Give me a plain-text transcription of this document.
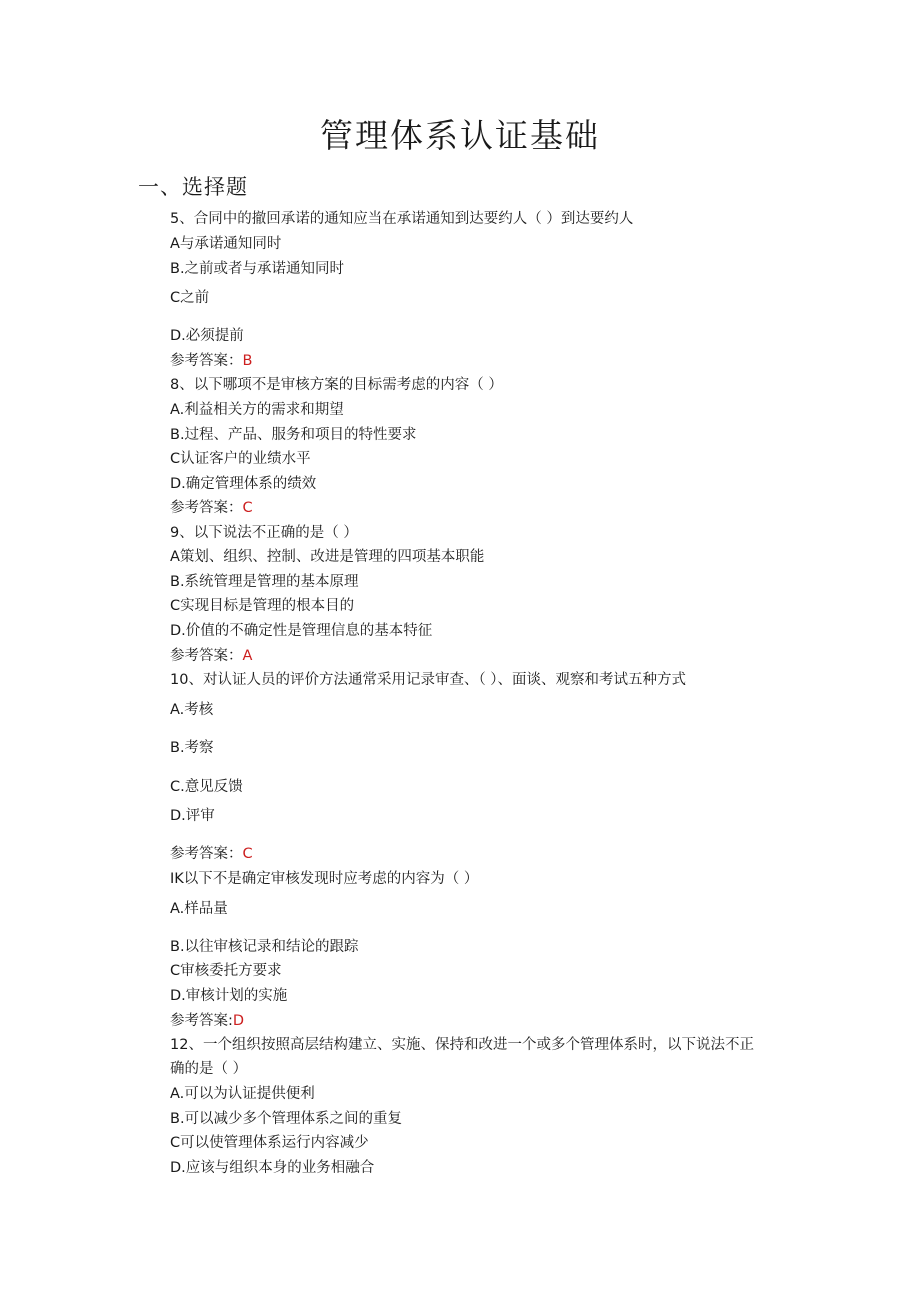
管理体系认证基础
一、选择题
5、合同中的撤回承诺的通知应当在承诺通知到达要约人（ ）到达要约人
A与承诺通知同时
B.之前或者与承诺通知同时
C之前
D.必须提前
参考答案：B
8、以下哪项不是审核方案的目标需考虑的内容（ ）
A.利益相关方的需求和期望
B.过程、产品、服务和项目的特性要求
C认证客户的业绩水平
D.确定管理体系的绩效
参考答案：C
9、以下说法不正确的是（ ）
A策划、组织、控制、改进是管理的四项基本职能
B.系统管理是管理的基本原理
C实现目标是管理的根本目的
D.价值的不确定性是管理信息的基本特征
参考答案：A
10、对认证人员的评价方法通常采用记录审查、（ ）、面谈、观察和考试五种方式
A.考核
B.考察
C.意见反馈
D.评审
参考答案：C
IK以下不是确定审核发现时应考虑的内容为（ ）
A.样品量
B.以往审核记录和结论的跟踪
C审核委托方要求
D.审核计划的实施
参考答案:D
12、一个组织按照高层结构建立、实施、保持和改进一个或多个管理体系时，以下说法不正
确的是（ ）
A.可以为认证提供便利
B.可以减少多个管理体系之间的重复
C可以使管理体系运行内容减少
D.应该与组织本身的业务相融合
